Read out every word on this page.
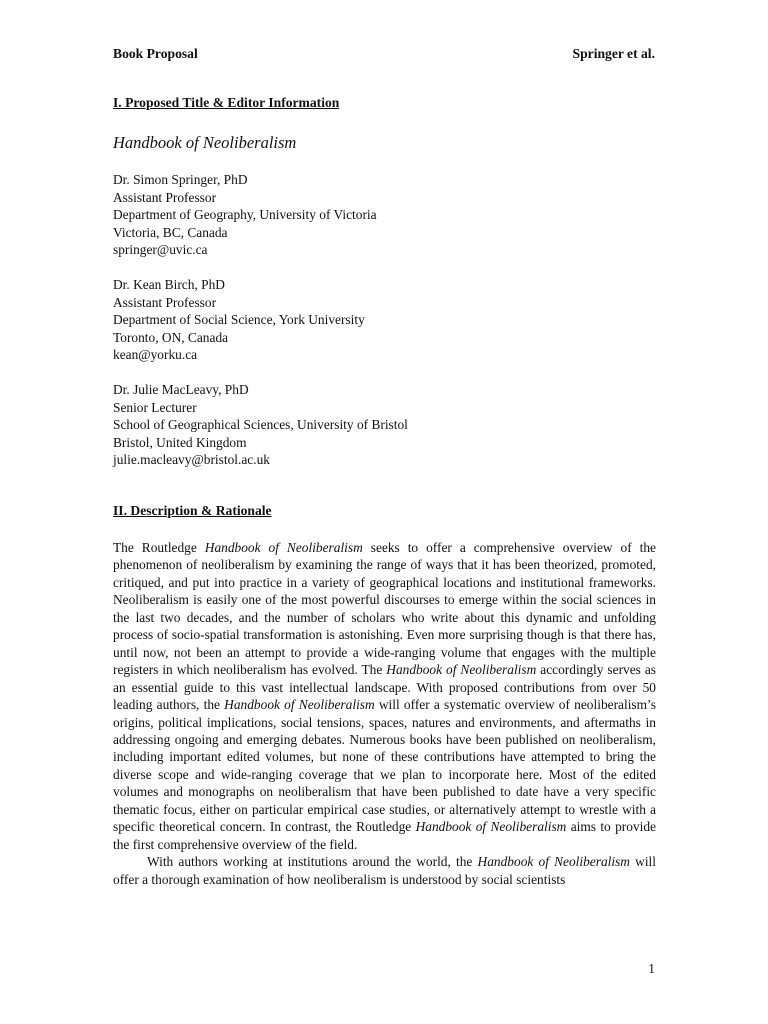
Book Proposal	Springer et al.
I. Proposed Title & Editor Information
Handbook of Neoliberalism
Dr. Simon Springer, PhD
Assistant Professor
Department of Geography, University of Victoria
Victoria, BC, Canada
springer@uvic.ca
Dr. Kean Birch, PhD
Assistant Professor
Department of Social Science, York University
Toronto, ON, Canada
kean@yorku.ca
Dr. Julie MacLeavy, PhD
Senior Lecturer
School of Geographical Sciences, University of Bristol
Bristol, United Kingdom
julie.macleavy@bristol.ac.uk
II. Description & Rationale

The Routledge Handbook of Neoliberalism seeks to offer a comprehensive overview of the phenomenon of neoliberalism by examining the range of ways that it has been theorized, promoted, critiqued, and put into practice in a variety of geographical locations and institutional frameworks. Neoliberalism is easily one of the most powerful discourses to emerge within the social sciences in the last two decades, and the number of scholars who write about this dynamic and unfolding process of socio-spatial transformation is astonishing. Even more surprising though is that there has, until now, not been an attempt to provide a wide-ranging volume that engages with the multiple registers in which neoliberalism has evolved. The Handbook of Neoliberalism accordingly serves as an essential guide to this vast intellectual landscape. With proposed contributions from over 50 leading authors, the Handbook of Neoliberalism will offer a systematic overview of neoliberalism’s origins, political implications, social tensions, spaces, natures and environments, and aftermaths in addressing ongoing and emerging debates. Numerous books have been published on neoliberalism, including important edited volumes, but none of these contributions have attempted to bring the diverse scope and wide-ranging coverage that we plan to incorporate here. Most of the edited volumes and monographs on neoliberalism that have been published to date have a very specific thematic focus, either on particular empirical case studies, or alternatively attempt to wrestle with a specific theoretical concern. In contrast, the Routledge Handbook of Neoliberalism aims to provide the first comprehensive overview of the field.

With authors working at institutions around the world, the Handbook of Neoliberalism will offer a thorough examination of how neoliberalism is understood by social scientists

1
